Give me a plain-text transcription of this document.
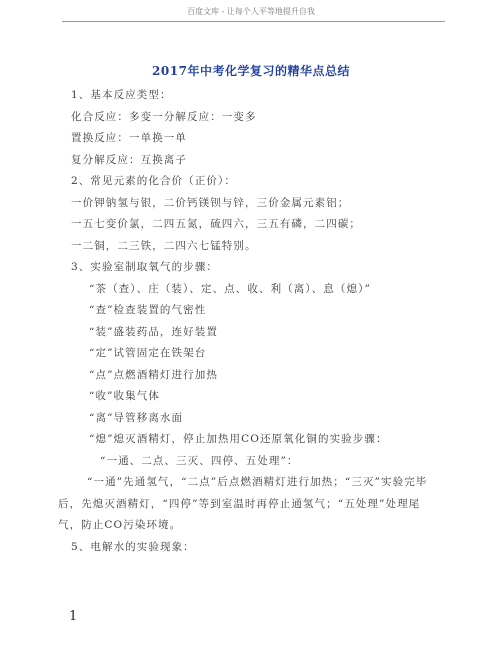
百度文库 - 让每个人平等地提升自我
2017年中考化学复习的精华点总结
1、基本反应类型：
化合反应：多变一分解反应：一变多
置换反应：一单换一单
复分解反应：互换离子
2、常见元素的化合价（正价）：
一价钾钠氢与银，二价钙镁钡与锌，三价金属元素铝；
一五七变价氯，二四五氮，硫四六，三五有磷，二四碳；
一二铜，二三铁，二四六七锰特别。
3、实验室制取氧气的步骤：
“茶（查）、庄（装）、定、点、收、利（离）、息（熄）”
“查”检查装置的气密性
“装”盛装药品，连好装置
“定”试管固定在铁架台
“点”点燃酒精灯进行加热
“收”收集气体
“离”导管移离水面
“熄”熄灭酒精灯，停止加热用CO还原氧化铜的实验步骤：
“一通、二点、三灭、四停、五处理”：
“一通”先通氢气，“二点”后点燃酒精灯进行加热；“三灭”实验完毕后，先熄灭酒精灯，“四停”等到室温时再停止通氢气；“五处理”处理尾气，防止CO污染环境。
5、电解水的实验现象：
1
